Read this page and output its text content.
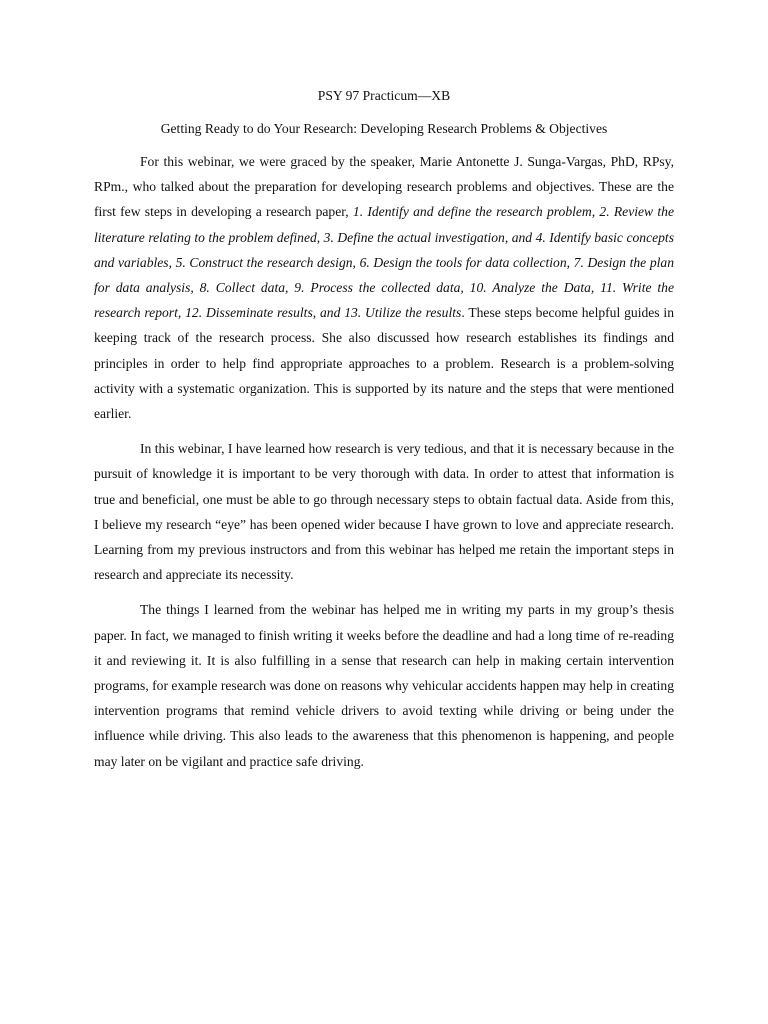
PSY 97 Practicum—XB

Getting Ready to do Your Research: Developing Research Problems & Objectives

For this webinar, we were graced by the speaker, Marie Antonette J. Sunga-Vargas, PhD, RPsy, RPm., who talked about the preparation for developing research problems and objectives. These are the first few steps in developing a research paper, 1. Identify and define the research problem, 2. Review the literature relating to the problem defined, 3. Define the actual investigation, and 4. Identify basic concepts and variables, 5. Construct the research design, 6. Design the tools for data collection, 7. Design the plan for data analysis, 8. Collect data, 9. Process the collected data, 10. Analyze the Data, 11. Write the research report, 12. Disseminate results, and 13. Utilize the results. These steps become helpful guides in keeping track of the research process. She also discussed how research establishes its findings and principles in order to help find appropriate approaches to a problem. Research is a problem-solving activity with a systematic organization. This is supported by its nature and the steps that were mentioned earlier.

In this webinar, I have learned how research is very tedious, and that it is necessary because in the pursuit of knowledge it is important to be very thorough with data. In order to attest that information is true and beneficial, one must be able to go through necessary steps to obtain factual data. Aside from this, I believe my research “eye” has been opened wider because I have grown to love and appreciate research. Learning from my previous instructors and from this webinar has helped me retain the important steps in research and appreciate its necessity.

The things I learned from the webinar has helped me in writing my parts in my group’s thesis paper. In fact, we managed to finish writing it weeks before the deadline and had a long time of re-reading it and reviewing it. It is also fulfilling in a sense that research can help in making certain intervention programs, for example research was done on reasons why vehicular accidents happen may help in creating intervention programs that remind vehicle drivers to avoid texting while driving or being under the influence while driving. This also leads to the awareness that this phenomenon is happening, and people may later on be vigilant and practice safe driving.
